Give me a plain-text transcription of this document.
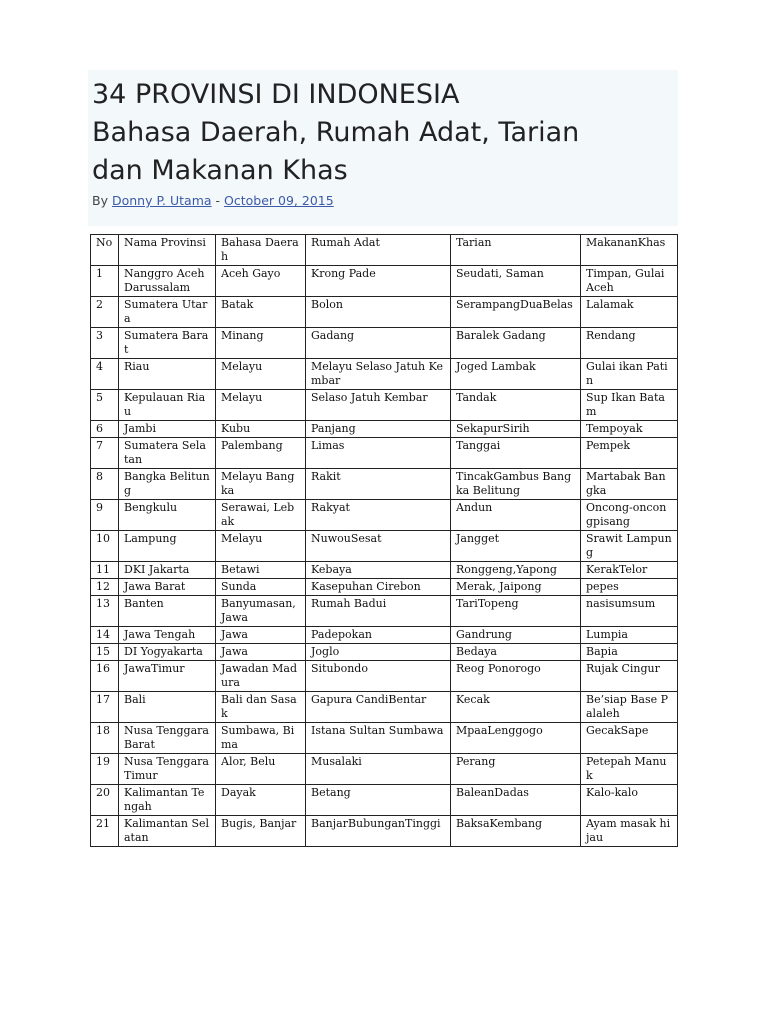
34 PROVINSI DI INDONESIA
Bahasa Daerah, Rumah Adat, Tarian
dan Makanan Khas
By Donny P. Utama - October 09, 2015
No	Nama Provinsi	Bahasa Daerah	Rumah Adat	Tarian	MakananKhas
1	Nanggro Aceh Darussalam	Aceh Gayo	Krong Pade	Seudati, Saman	Timpan, Gulai Aceh
2	Sumatera Utara	Batak	Bolon	SerampangDuaBelas	Lalamak
3	Sumatera Barat	Minang	Gadang	Baralek Gadang	Rendang
4	Riau	Melayu	Melayu Selaso Jatuh Kembar	Joged Lambak	Gulai ikan Patin
5	Kepulauan Riau	Melayu	Selaso Jatuh Kembar	Tandak	Sup Ikan Batam
6	Jambi	Kubu	Panjang	SekapurSirih	Tempoyak
7	Sumatera Selatan	Palembang	Limas	Tanggai	Pempek
8	Bangka Belitung	Melayu Bangka	Rakit	TincakGambus Bangka Belitung	Martabak Bangka
9	Bengkulu	Serawai, Lebak	Rakyat	Andun	Oncong-oncongpisang
10	Lampung	Melayu	NuwouSesat	Jangget	Srawit Lampung
11	DKI Jakarta	Betawi	Kebaya	Ronggeng,Yapong	KerakTelor
12	Jawa Barat	Sunda	Kasepuhan Cirebon	Merak, Jaipong	pepes
13	Banten	Banyumasan, Jawa	Rumah Badui	TariTopeng	nasisumsum
14	Jawa Tengah	Jawa	Padepokan	Gandrung	Lumpia
15	DI Yogyakarta	Jawa	Joglo	Bedaya	Bapia
16	JawaTimur	Jawadan Madura	Situbondo	Reog Ponorogo	Rujak Cingur
17	Bali	Bali dan Sasak	Gapura CandiBentar	Kecak	Be’siap Base Palaleh
18	Nusa Tenggara Barat	Sumbawa, Bima	Istana Sultan Sumbawa	MpaaLenggogo	GecakSape
19	Nusa Tenggara Timur	Alor, Belu	Musalaki	Perang	Petepah Manuk
20	Kalimantan Tengah	Dayak	Betang	BaleanDadas	Kalo-kalo
21	Kalimantan Selatan	Bugis, Banjar	BanjarBubunganTinggi	BaksaKembang	Ayam masak hijau
